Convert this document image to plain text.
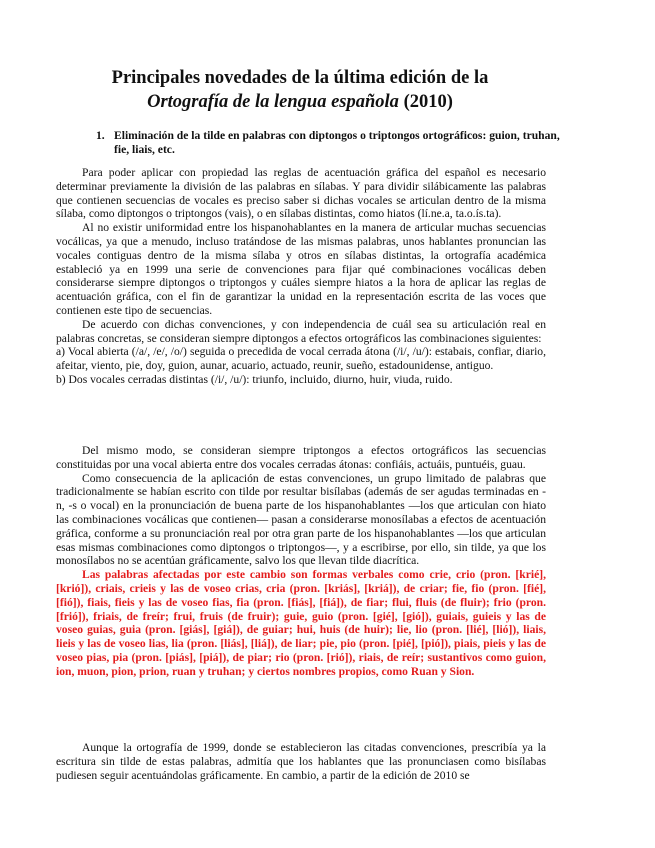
Principales novedades de la última edición de la
Ortografía de la lengua española (2010)
1. Eliminación de la tilde en palabras con diptongos o triptongos ortográficos: guion, truhan, fie, liais, etc.

Para poder aplicar con propiedad las reglas de acentuación gráfica del español es necesario determinar previamente la división de las palabras en sílabas. Y para dividir silábicamente las palabras que contienen secuencias de vocales es preciso saber si dichas vocales se articulan dentro de la misma sílaba, como diptongos o triptongos (vais), o en sílabas distintas, como hiatos (lí.ne.a, ta.o.ís.ta).

Al no existir uniformidad entre los hispanohablantes en la manera de articular muchas secuencias vocálicas, ya que a menudo, incluso tratándose de las mismas palabras, unos hablantes pronuncian las vocales contiguas dentro de la misma sílaba y otros en sílabas distintas, la ortografía académica estableció ya en 1999 una serie de convenciones para fijar qué combinaciones vocálicas deben considerarse siempre diptongos o triptongos y cuáles siempre hiatos a la hora de aplicar las reglas de acentuación gráfica, con el fin de garantizar la unidad en la representación escrita de las voces que contienen este tipo de secuencias.

De acuerdo con dichas convenciones, y con independencia de cuál sea su articulación real en palabras concretas, se consideran siempre diptongos a efectos ortográficos las combinaciones siguientes:

a) Vocal abierta (/a/, /e/, /o/) seguida o precedida de vocal cerrada átona (/i/, /u/): estabais, confiar, diario, afeitar, viento, pie, doy, guion, aunar, acuario, actuado, reunir, sueño, estadounidense, antiguo.

b) Dos vocales cerradas distintas (/i/, /u/): triunfo, incluido, diurno, huir, viuda, ruido.

Del mismo modo, se consideran siempre triptongos a efectos ortográficos las secuencias constituidas por una vocal abierta entre dos vocales cerradas átonas: confiáis, actuáis, puntuéis, guau.

Como consecuencia de la aplicación de estas convenciones, un grupo limitado de palabras que tradicionalmente se habían escrito con tilde por resultar bisílabas (además de ser agudas terminadas en -n, -s o vocal) en la pronunciación de buena parte de los hispanohablantes —los que articulan con hiato las combinaciones vocálicas que contienen— pasan a considerarse monosílabas a efectos de acentuación gráfica, conforme a su pronunciación real por otra gran parte de los hispanohablantes —los que articulan esas mismas combinaciones como diptongos o triptongos—, y a escribirse, por ello, sin tilde, ya que los monosílabos no se acentúan gráficamente, salvo los que llevan tilde diacrítica.

Las palabras afectadas por este cambio son formas verbales como crie, crio (pron. [krié], [krió]), criais, crieis y las de voseo crias, cria (pron. [kriás], [kriá]), de criar; fie, fio (pron. [fié], [fió]), fiais, fieis y las de voseo fias, fia (pron. [fiás], [fiá]), de fiar; flui, fluis (de fluir); frio (pron. [frió]), friais, de freír; frui, fruis (de fruir); guie, guio (pron. [gié], [gió]), guiais, guieis y las de voseo guias, guia (pron. [giás], [giá]), de guiar; hui, huis (de huir); lie, lio (pron. [lié], [lió]), liais, lieis y las de voseo lias, lia (pron. [liás], [liá]), de liar; pie, pio (pron. [pié], [pió]), piais, pieis y las de voseo pias, pia (pron. [piás], [piá]), de piar; rio (pron. [rió]), riais, de reír; sustantivos como guion, ion, muon, pion, prion, ruan y truhan; y ciertos nombres propios, como Ruan y Sion.

Aunque la ortografía de 1999, donde se establecieron las citadas convenciones, prescribía ya la escritura sin tilde de estas palabras, admitía que los hablantes que las pronunciasen como bisílabas pudiesen seguir acentuándolas gráficamente. En cambio, a partir de la edición de 2010 se
